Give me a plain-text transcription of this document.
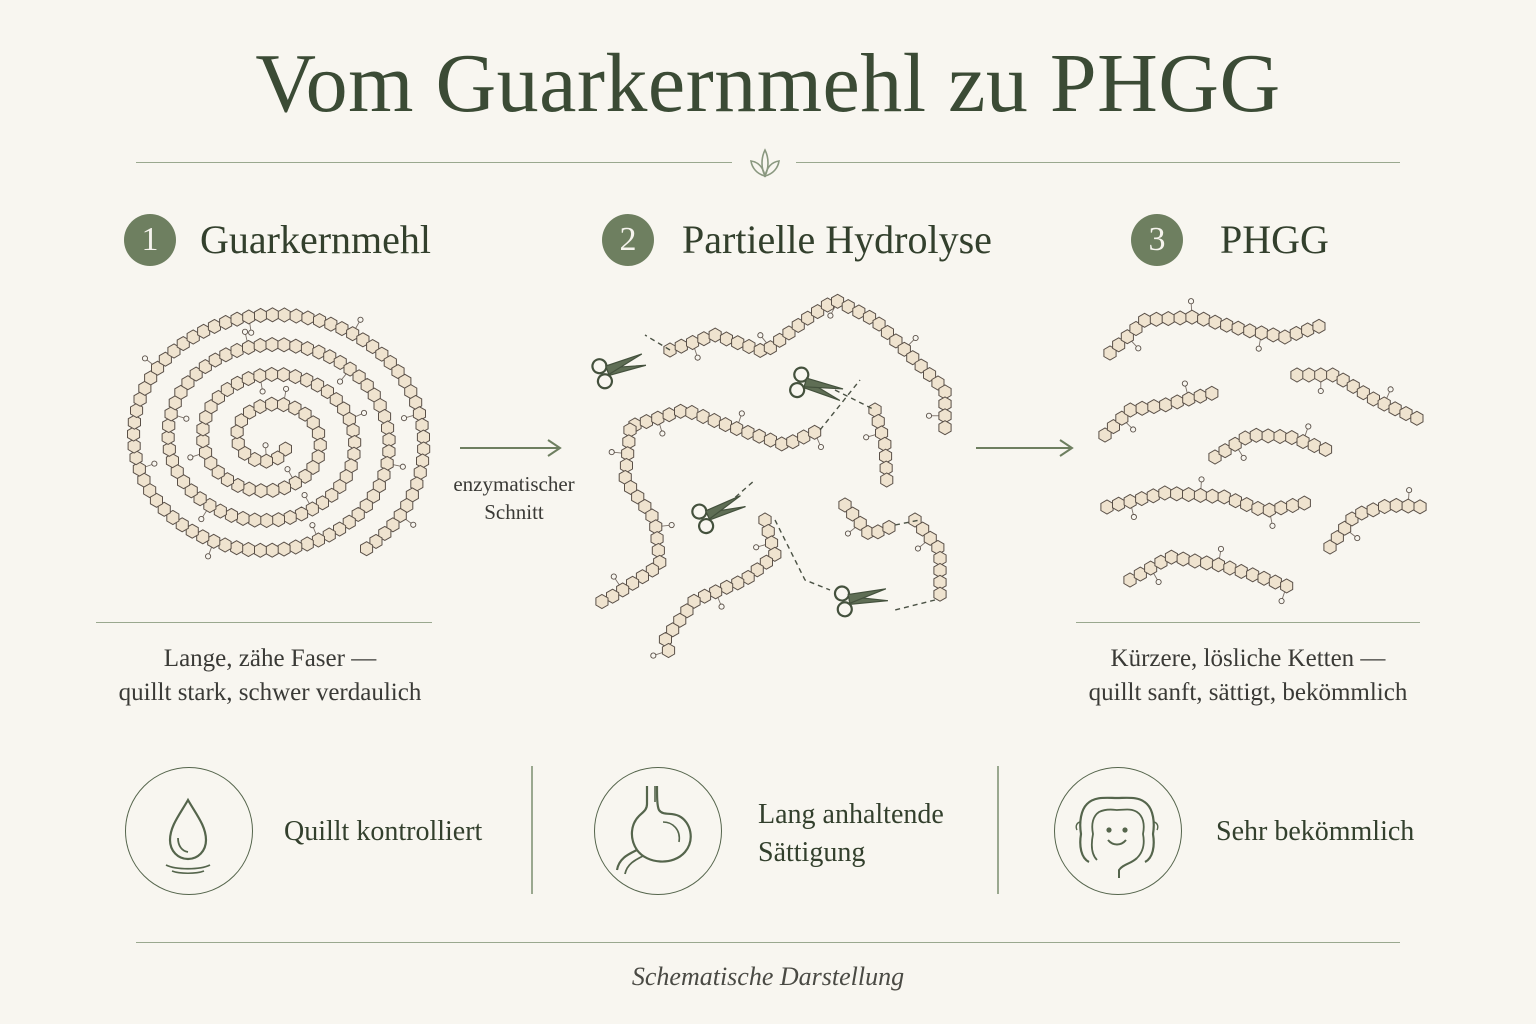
Vom Guarkernmehl zu PHGG
1	Guarkernmehl	2	Partielle Hydrolyse	3	PHGG
enzymatischer
Schnitt
Lange, zähe Faser —
quillt stark, schwer verdaulich
Kürzere, lösliche Ketten —
quillt sanft, sättigt, bekömmlich
Quillt kontrolliert
Lang anhaltende
Sättigung
Sehr bekömmlich
Schematische Darstellung
